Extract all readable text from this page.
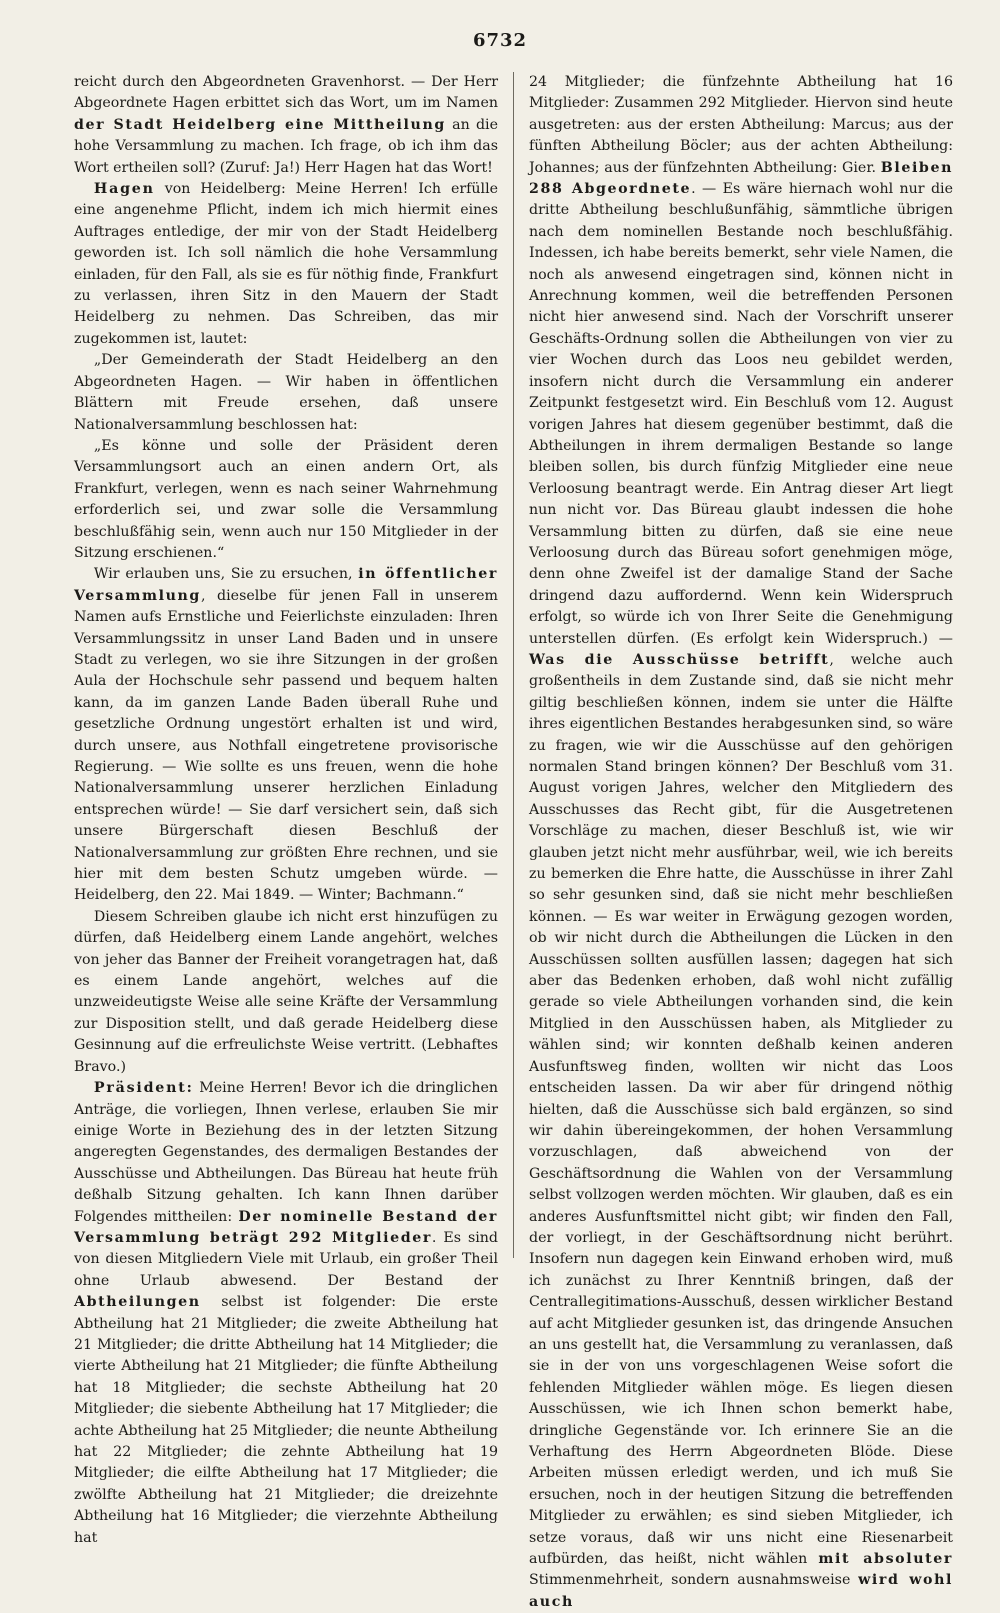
6732

reicht durch den Abgeordneten Gravenhorst. — Der Herr Abgeordnete Hagen erbittet sich das Wort, um im Namen der Stadt Heidelberg eine Mittheilung an die hohe Versammlung zu machen. Ich frage, ob ich ihm das Wort ertheilen soll? (Zuruf: Ja!) Herr Hagen hat das Wort!

Hagen von Heidelberg: Meine Herren! Ich erfülle eine angenehme Pflicht, indem ich mich hiermit eines Auftrages entledige, der mir von der Stadt Heidelberg geworden ist. Ich soll nämlich die hohe Versammlung einladen, für den Fall, als sie es für nöthig finde, Frankfurt zu verlassen, ihren Sitz in den Mauern der Stadt Heidelberg zu nehmen. Das Schreiben, das mir zugekommen ist, lautet:

„Der Gemeinderath der Stadt Heidelberg an den Abgeordneten Hagen. — Wir haben in öffentlichen Blättern mit Freude ersehen, daß unsere Nationalversammlung beschlossen hat:

„Es könne und solle der Präsident deren Versammlungsort auch an einen andern Ort, als Frankfurt, verlegen, wenn es nach seiner Wahrnehmung erforderlich sei, und zwar solle die Versammlung beschlußfähig sein, wenn auch nur 150 Mitglieder in der Sitzung erschienen.“

Wir erlauben uns, Sie zu ersuchen, in öffentlicher Versammlung, dieselbe für jenen Fall in unserem Namen aufs Ernstliche und Feierlichste einzuladen: Ihren Versammlungssitz in unser Land Baden und in unsere Stadt zu verlegen, wo sie ihre Sitzungen in der großen Aula der Hochschule sehr passend und bequem halten kann, da im ganzen Lande Baden überall Ruhe und gesetzliche Ordnung ungestört erhalten ist und wird, durch unsere, aus Nothfall eingetretene provisorische Regierung. — Wie sollte es uns freuen, wenn die hohe Nationalversammlung unserer herzlichen Einladung entsprechen würde! — Sie darf versichert sein, daß sich unsere Bürgerschaft diesen Beschluß der Nationalversammlung zur größten Ehre rechnen, und sie hier mit dem besten Schutz umgeben würde. — Heidelberg, den 22. Mai 1849. — Winter; Bachmann.“

Diesem Schreiben glaube ich nicht erst hinzufügen zu dürfen, daß Heidelberg einem Lande angehört, welches von jeher das Banner der Freiheit vorangetragen hat, daß es einem Lande angehört, welches auf die unzweideutigste Weise alle seine Kräfte der Versammlung zur Disposition stellt, und daß gerade Heidelberg diese Gesinnung auf die erfreulichste Weise vertritt. (Lebhaftes Bravo.)

Präsident: Meine Herren! Bevor ich die dringlichen Anträge, die vorliegen, Ihnen verlese, erlauben Sie mir einige Worte in Beziehung des in der letzten Sitzung angeregten Gegenstandes, des dermaligen Bestandes der Ausschüsse und Abtheilungen. Das Büreau hat heute früh deßhalb Sitzung gehalten. Ich kann Ihnen darüber Folgendes mittheilen: Der nominelle Bestand der Versammlung beträgt 292 Mitglieder. Es sind von diesen Mitgliedern Viele mit Urlaub, ein großer Theil ohne Urlaub abwesend. Der Bestand der Abtheilungen selbst ist folgender: Die erste Abtheilung hat 21 Mitglieder; die zweite Abtheilung hat 21 Mitglieder; die dritte Abtheilung hat 14 Mitglieder; die vierte Abtheilung hat 21 Mitglieder; die fünfte Abtheilung hat 18 Mitglieder; die sechste Abtheilung hat 20 Mitglieder; die siebente Abtheilung hat 17 Mitglieder; die achte Abtheilung hat 25 Mitglieder; die neunte Abtheilung hat 22 Mitglieder; die zehnte Abtheilung hat 19 Mitglieder; die eilfte Abtheilung hat 17 Mitglieder; die zwölfte Abtheilung hat 21 Mitglieder; die dreizehnte Abtheilung hat 16 Mitglieder; die vierzehnte Abtheilung hat

24 Mitglieder; die fünfzehnte Abtheilung hat 16 Mitglieder: Zusammen 292 Mitglieder. Hiervon sind heute ausgetreten: aus der ersten Abtheilung: Marcus; aus der fünften Abtheilung Böcler; aus der achten Abtheilung: Johannes; aus der fünfzehnten Abtheilung: Gier. Bleiben 288 Abgeordnete. — Es wäre hiernach wohl nur die dritte Abtheilung beschlußunfähig, sämmtliche übrigen nach dem nominellen Bestande noch beschlußfähig. Indessen, ich habe bereits bemerkt, sehr viele Namen, die noch als anwesend eingetragen sind, können nicht in Anrechnung kommen, weil die betreffenden Personen nicht hier anwesend sind. Nach der Vorschrift unserer Geschäfts-Ordnung sollen die Abtheilungen von vier zu vier Wochen durch das Loos neu gebildet werden, insofern nicht durch die Versammlung ein anderer Zeitpunkt festgesetzt wird. Ein Beschluß vom 12. August vorigen Jahres hat diesem gegenüber bestimmt, daß die Abtheilungen in ihrem dermaligen Bestande so lange bleiben sollen, bis durch fünfzig Mitglieder eine neue Verloosung beantragt werde. Ein Antrag dieser Art liegt nun nicht vor. Das Büreau glaubt indessen die hohe Versammlung bitten zu dürfen, daß sie eine neue Verloosung durch das Büreau sofort genehmigen möge, denn ohne Zweifel ist der damalige Stand der Sache dringend dazu auffordernd. Wenn kein Widerspruch erfolgt, so würde ich von Ihrer Seite die Genehmigung unterstellen dürfen. (Es erfolgt kein Widerspruch.) — Was die Ausschüsse betrifft, welche auch großentheils in dem Zustande sind, daß sie nicht mehr giltig beschließen können, indem sie unter die Hälfte ihres eigentlichen Bestandes herabgesunken sind, so wäre zu fragen, wie wir die Ausschüsse auf den gehörigen normalen Stand bringen können? Der Beschluß vom 31. August vorigen Jahres, welcher den Mitgliedern des Ausschusses das Recht gibt, für die Ausgetretenen Vorschläge zu machen, dieser Beschluß ist, wie wir glauben jetzt nicht mehr ausführbar, weil, wie ich bereits zu bemerken die Ehre hatte, die Ausschüsse in ihrer Zahl so sehr gesunken sind, daß sie nicht mehr beschließen können. — Es war weiter in Erwägung gezogen worden, ob wir nicht durch die Abtheilungen die Lücken in den Ausschüssen sollten ausfüllen lassen; dagegen hat sich aber das Bedenken erhoben, daß wohl nicht zufällig gerade so viele Abtheilungen vorhanden sind, die kein Mitglied in den Ausschüssen haben, als Mitglieder zu wählen sind; wir konnten deßhalb keinen anderen Ausfunftsweg finden, wollten wir nicht das Loos entscheiden lassen. Da wir aber für dringend nöthig hielten, daß die Ausschüsse sich bald ergänzen, so sind wir dahin übereingekommen, der hohen Versammlung vorzuschlagen, daß abweichend von der Geschäftsordnung die Wahlen von der Versammlung selbst vollzogen werden möchten. Wir glauben, daß es ein anderes Ausfunftsmittel nicht gibt; wir finden den Fall, der vorliegt, in der Geschäftsordnung nicht berührt. Insofern nun dagegen kein Einwand erhoben wird, muß ich zunächst zu Ihrer Kenntniß bringen, daß der Centrallegitimations-Ausschuß, dessen wirklicher Bestand auf acht Mitglieder gesunken ist, das dringende Ansuchen an uns gestellt hat, die Versammlung zu veranlassen, daß sie in der von uns vorgeschlagenen Weise sofort die fehlenden Mitglieder wählen möge. Es liegen diesen Ausschüssen, wie ich Ihnen schon bemerkt habe, dringliche Gegenstände vor. Ich erinnere Sie an die Verhaftung des Herrn Abgeordneten Blöde. Diese Arbeiten müssen erledigt werden, und ich muß Sie ersuchen, noch in der heutigen Sitzung die betreffenden Mitglieder zu erwählen; es sind sieben Mitglieder, ich setze voraus, daß wir uns nicht eine Riesenarbeit aufbürden, das heißt, nicht wählen mit absoluter Stimmenmehrheit, sondern ausnahmsweise wird wohl auch
